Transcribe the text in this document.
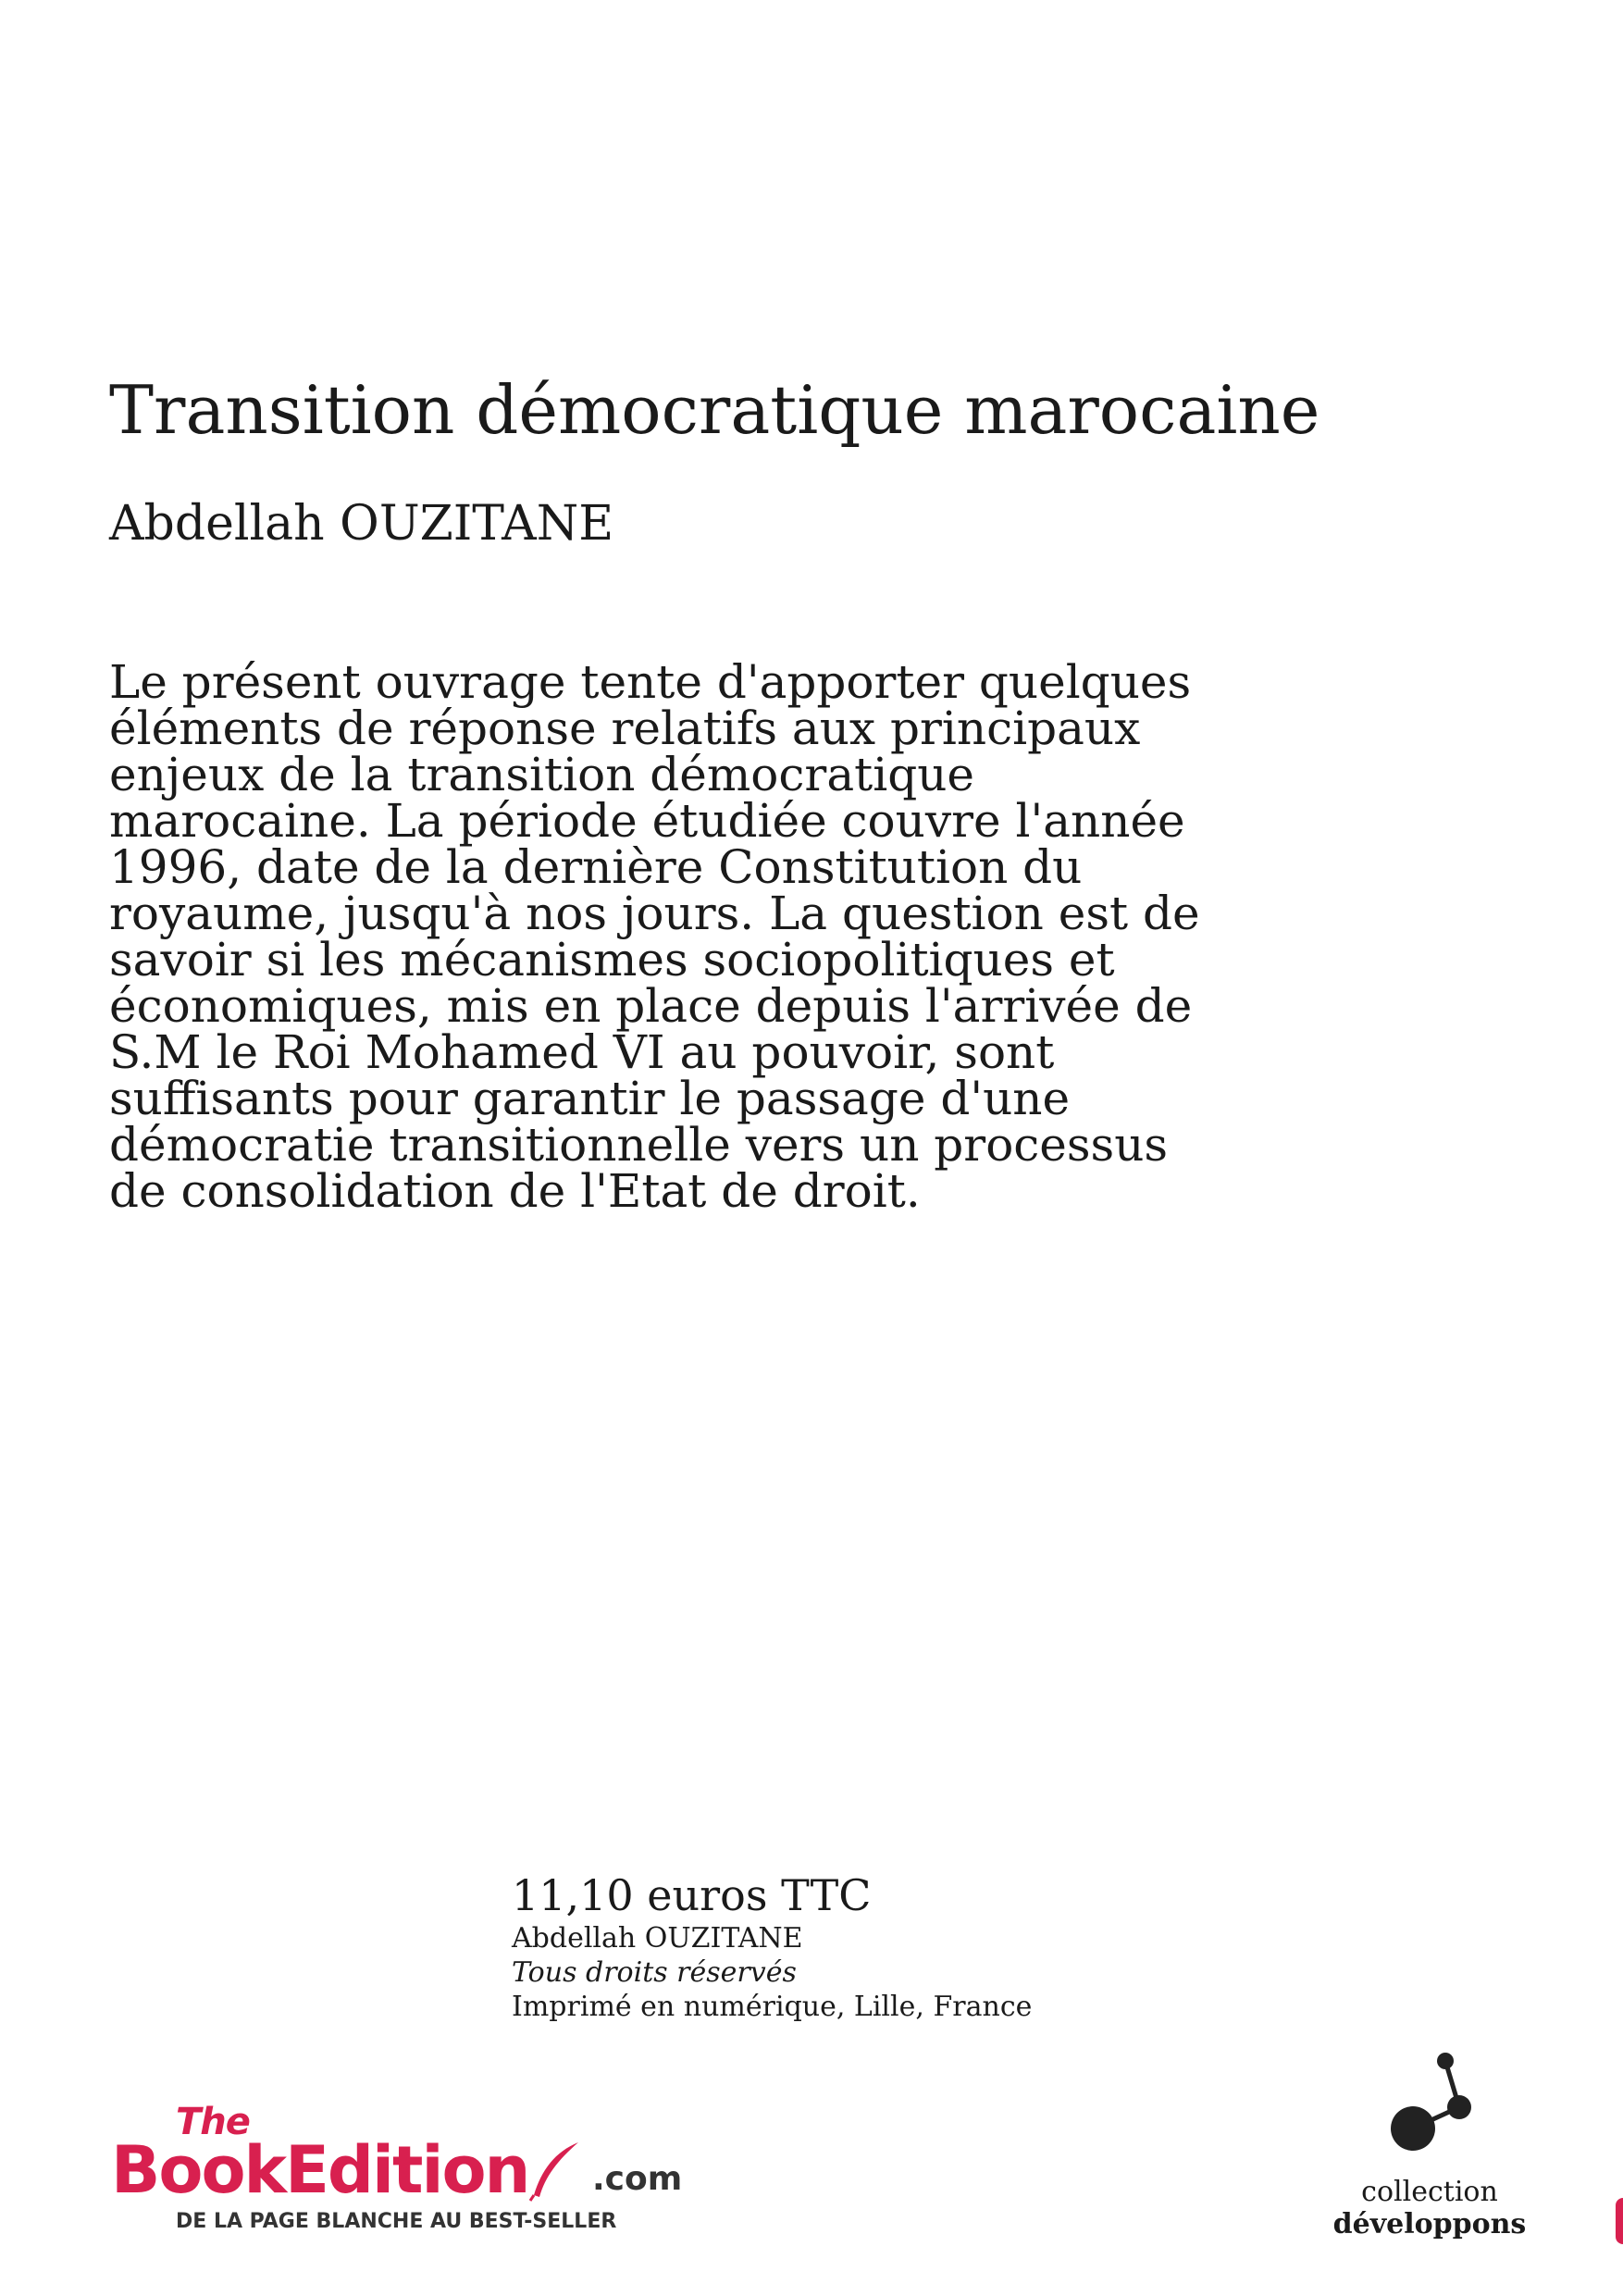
Transition démocratique marocaine

Abdellah OUZITANE

Le présent ouvrage tente d'apporter quelques
éléments de réponse relatifs aux principaux
enjeux de la transition démocratique
marocaine. La période étudiée couvre l'année
1996, date de la dernière Constitution du
royaume, jusqu'à nos jours. La question est de
savoir si les mécanismes sociopolitiques et
économiques, mis en place depuis l'arrivée de
S.M le Roi Mohamed VI au pouvoir, sont
suffisants pour garantir le passage d'une
démocratie transitionnelle vers un processus
de consolidation de l'Etat de droit.

11,10 euros TTC
Abdellah OUZITANE
Tous droits réservés
Imprimé en numérique, Lille, France
The
BookEdition .com
DE LA PAGE BLANCHE AU BEST-SELLER
collection
développons
